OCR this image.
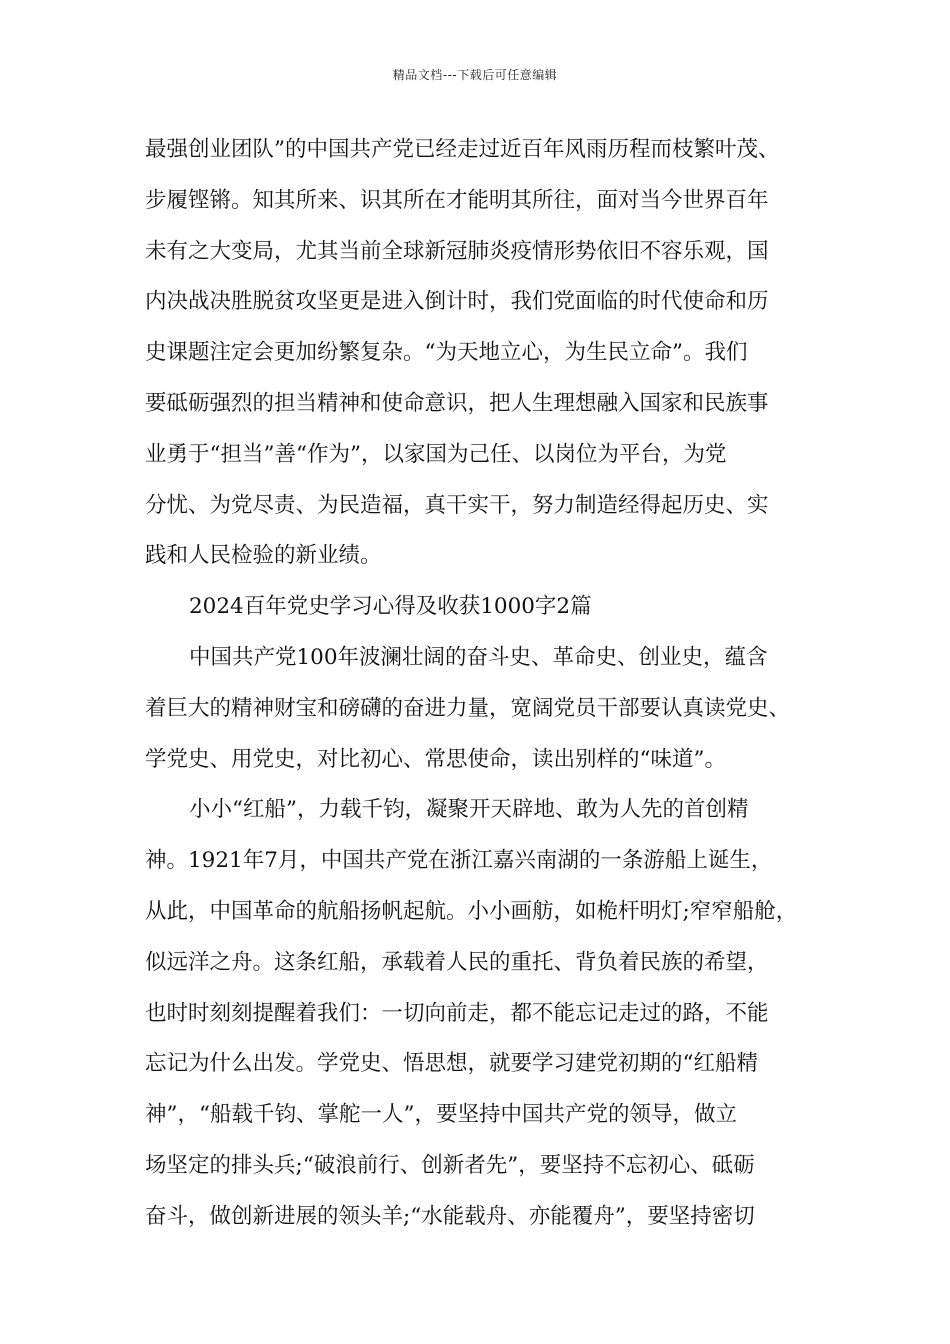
精品文档---下载后可任意编辑
最强创业团队”的中国共产党已经走过近百年风雨历程而枝繁叶茂、
步履铿锵。知其所来、识其所在才能明其所往，面对当今世界百年
未有之大变局，尤其当前全球新冠肺炎疫情形势依旧不容乐观，国
内决战决胜脱贫攻坚更是进入倒计时，我们党面临的时代使命和历
史课题注定会更加纷繁复杂。“为天地立心，为生民立命”。我们
要砥砺强烈的担当精神和使命意识，把人生理想融入国家和民族事
业勇于“担当”善“作为”，以家国为己任、以岗位为平台，为党
分忧、为党尽责、为民造福，真干实干，努力制造经得起历史、实
践和人民检验的新业绩。
2024百年党史学习心得及收获1000字2篇
中国共产党100年波澜壮阔的奋斗史、革命史、创业史，蕴含
着巨大的精神财宝和磅礴的奋进力量，宽阔党员干部要认真读党史、
学党史、用党史，对比初心、常思使命，读出别样的“味道”。
小小“红船”，力载千钧，凝聚开天辟地、敢为人先的首创精
神。1921年7月，中国共产党在浙江嘉兴南湖的一条游船上诞生，
从此，中国革命的航船扬帆起航。小小画舫，如桅杆明灯;窄窄船舱，
似远洋之舟。这条红船，承载着人民的重托、背负着民族的希望，
也时时刻刻提醒着我们：一切向前走，都不能忘记走过的路，不能
忘记为什么出发。学党史、悟思想，就要学习建党初期的“红船精
神”，“船载千钧、掌舵一人”，要坚持中国共产党的领导，做立
场坚定的排头兵;“破浪前行、创新者先”，要坚持不忘初心、砥砺
奋斗，做创新进展的领头羊;“水能载舟、亦能覆舟”，要坚持密切
